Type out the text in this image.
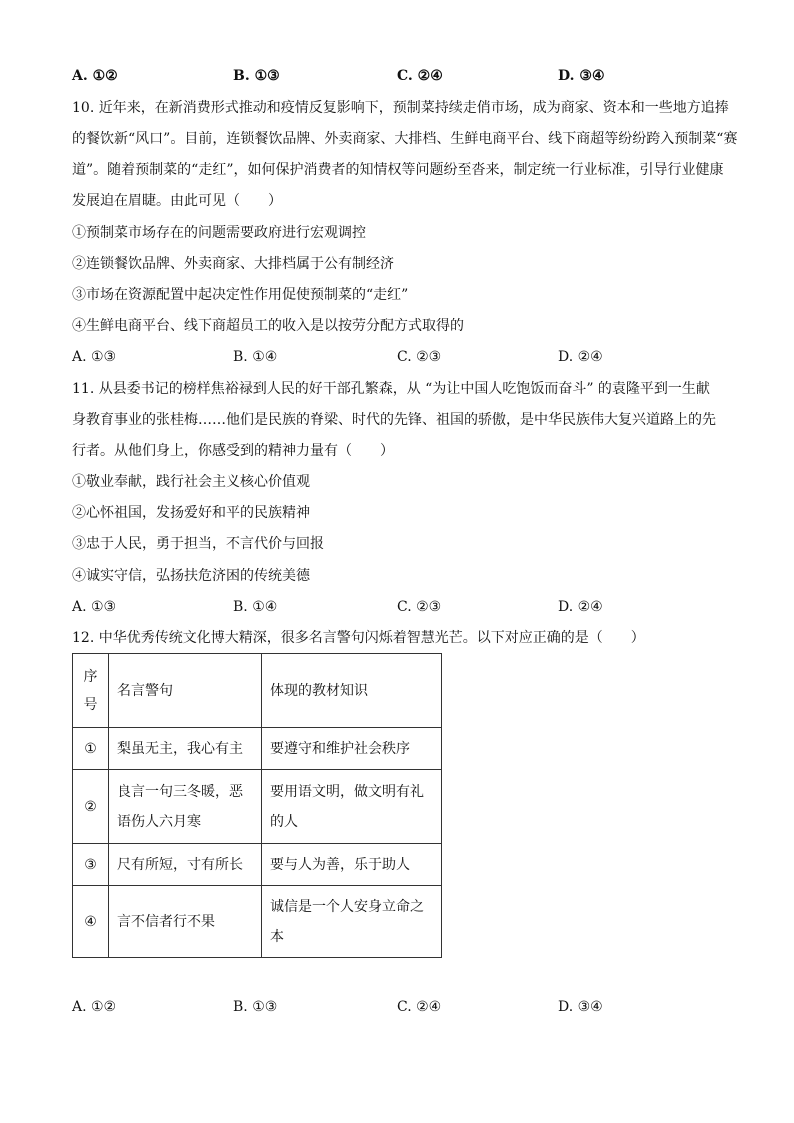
A. ①②	B. ①③	C. ②④	D. ③④
10. 近年来，在新消费形式推动和疫情反复影响下，预制菜持续走俏市场，成为商家、资本和一些地方追捧
的餐饮新“风口”。目前，连锁餐饮品牌、外卖商家、大排档、生鲜电商平台、线下商超等纷纷跨入预制菜“赛
道”。随着预制菜的“走红”，如何保护消费者的知情权等问题纷至沓来，制定统一行业标准，引导行业健康
发展迫在眉睫。由此可见（　　）
①预制菜市场存在的问题需要政府进行宏观调控
②连锁餐饮品牌、外卖商家、大排档属于公有制经济
③市场在资源配置中起决定性作用促使预制菜的“走红”
④生鲜电商平台、线下商超员工的收入是以按劳分配方式取得的
A. ①③	B. ①④	C. ②③	D. ②④
11. 从县委书记的榜样焦裕禄到人民的好干部孔繁森，从 “为让中国人吃饱饭而奋斗” 的袁隆平到一生献
身教育事业的张桂梅……他们是民族的脊梁、时代的先锋、祖国的骄傲，是中华民族伟大复兴道路上的先
行者。从他们身上，你感受到的精神力量有（　　）
①敬业奉献，践行社会主义核心价值观
②心怀祖国，发扬爱好和平的民族精神
③忠于人民，勇于担当，不言代价与回报
④诚实守信，弘扬扶危济困的传统美德
A. ①③	B. ①④	C. ②③	D. ②④
12. 中华优秀传统文化博大精深，很多名言警句闪烁着智慧光芒。以下对应正确的是（　　）
序号	名言警句	体现的教材知识
①	梨虽无主，我心有主	要遵守和维护社会秩序
②	良言一句三冬暖，恶语伤人六月寒	要用语文明，做文明有礼的人
③	尺有所短，寸有所长	要与人为善，乐于助人
④	言不信者行不果	诚信是一个人安身立命之本
A. ①②	B. ①③	C. ②④	D. ③④
